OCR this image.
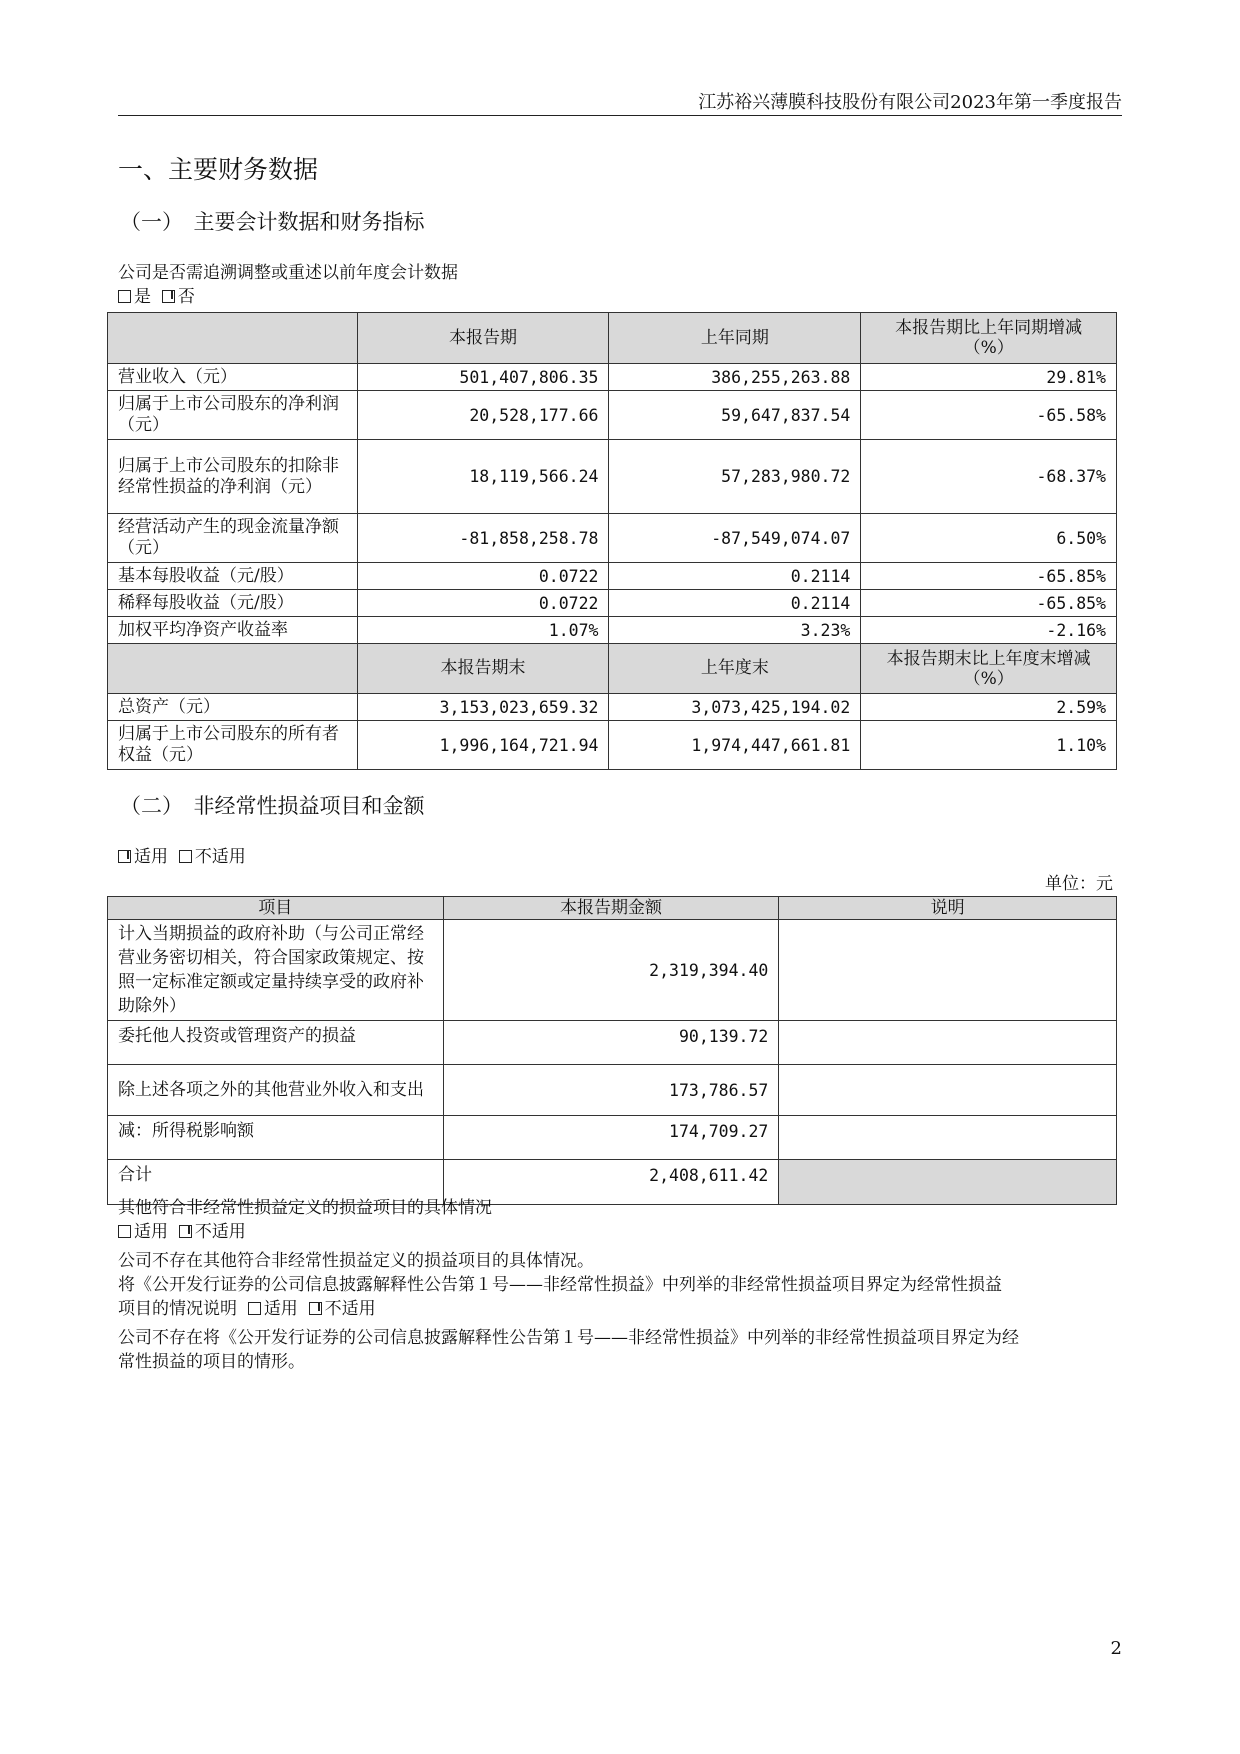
江苏裕兴薄膜科技股份有限公司2023年第一季度报告
一、主要财务数据
（一）　主要会计数据和财务指标
公司是否需追溯调整或重述以前年度会计数据
是 否
	本报告期	上年同期	本报告期比上年同期增减
（%）
营业收入（元）	501,407,806.35	386,255,263.88	29.81%
归属于上市公司股东的净利润（元）	20,528,177.66	59,647,837.54	-65.58%
归属于上市公司股东的扣除非经常性损益的净利润（元）	18,119,566.24	57,283,980.72	-68.37%
经营活动产生的现金流量净额（元）	-81,858,258.78	-87,549,074.07	6.50%
基本每股收益（元/股）	0.0722	0.2114	-65.85%
稀释每股收益（元/股）	0.0722	0.2114	-65.85%
加权平均净资产收益率	1.07%	3.23%	-2.16%
	本报告期末	上年度末	本报告期末比上年度末增减
（%）
总资产（元）	3,153,023,659.32	3,073,425,194.02	2.59%
归属于上市公司股东的所有者权益（元）	1,996,164,721.94	1,974,447,661.81	1.10%
（二）　非经常性损益项目和金额
适用 不适用
单位：元
项目	本报告期金额	说明
计入当期损益的政府补助（与公司正常经营业务密切相关，符合国家政策规定、按照一定标准定额或定量持续享受的政府补助除外）	2,319,394.40	
委托他人投资或管理资产的损益	90,139.72	
除上述各项之外的其他营业外收入和支出	173,786.57	
减：所得税影响额	174,709.27	
合计	2,408,611.42	
其他符合非经常性损益定义的损益项目的具体情况
适用 不适用
公司不存在其他符合非经常性损益定义的损益项目的具体情况。
将《公开发行证券的公司信息披露解释性公告第１号——非经常性损益》中列举的非经常性损益项目界定为经常性损益
项目的情况说明 适用 不适用
公司不存在将《公开发行证券的公司信息披露解释性公告第１号——非经常性损益》中列举的非经常性损益项目界定为经
常性损益的项目的情形。
2
